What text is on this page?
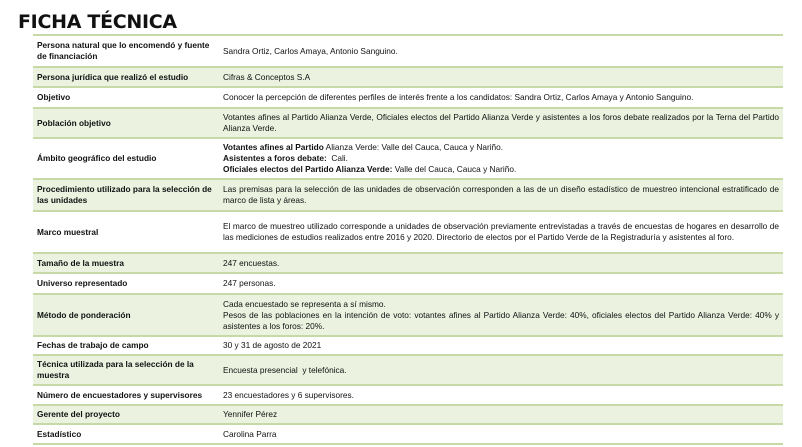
FICHA TÉCNICA
Persona natural que lo encomendó y fuente de financiación	Sandra Ortiz, Carlos Amaya, Antonio Sanguino.
Persona jurídica que realizó el estudio	Cifras & Conceptos S.A
Objetivo	Conocer la percepción de diferentes perfiles de interés frente a los candidatos: Sandra Ortiz, Carlos Amaya y Antonio Sanguino.
Población objetivo	Votantes afines al Partido Alianza Verde, Oficiales electos del Partido Alianza Verde y asistentes a los foros debate realizados por la Terna del Partido Alianza Verde.
Ámbito geográfico del estudio	Votantes afines al Partido Alianza Verde: Valle del Cauca, Cauca y Nariño.
Asistentes a foros debate:  Cali.
Oficiales electos del Partido Alianza Verde: Valle del Cauca, Cauca y Nariño.

Procedimiento utilizado para la selección de las unidades	Las premisas para la selección de las unidades de observación corresponden a las de un diseño estadístico de muestreo intencional estratificado de marco de lista y áreas.
Marco muestral	El marco de muestreo utilizado corresponde a unidades de observación previamente entrevistadas a través de encuestas de hogares en desarrollo de las mediciones de estudios realizados entre 2016 y 2020. Directorio de electos por el Partido Verde de la Registraduría y asistentes al foro.
Tamaño de la muestra	247 encuestas.
Universo representado	247 personas.
Método de ponderación	Cada encuestado se representa a sí mismo.
Pesos de las poblaciones en la intención de voto: votantes afines al Partido Alianza Verde: 40%, oficiales electos del Partido Alianza Verde: 40% y asistentes a los foros: 20%.

Fechas de trabajo de campo	30 y 31 de agosto de 2021
Técnica utilizada para la selección de la muestra	Encuesta presencial  y telefónica.
Número de encuestadores y supervisores	23 encuestadores y 6 supervisores.
Gerente del proyecto	Yennifer Pérez
Estadístico	Carolina Parra
